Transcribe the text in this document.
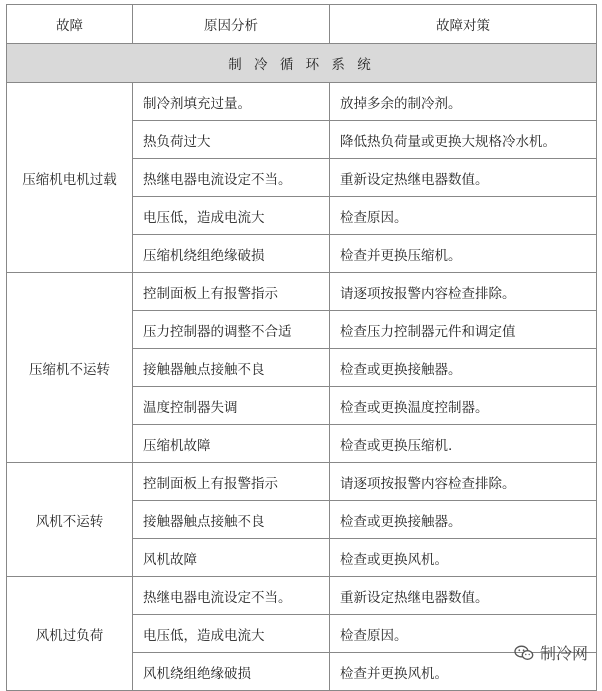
故障	原因分析	故障对策
制 冷 循 环 系 统		
压缩机电机过载	制冷剂填充过量。	放掉多余的制冷剂。
	热负荷过大	降低热负荷量或更换大规格冷水机。
	热继电器电流设定不当。	重新设定热继电器数值。
	电压低，造成电流大	检查原因。
	压缩机绕组绝缘破损	检查并更换压缩机。
压缩机不运转	控制面板上有报警指示	请逐项按报警内容检查排除。
	压力控制器的调整不合适	检查压力控制器元件和调定值
	接触器触点接触不良	检查或更换接触器。
	温度控制器失调	检查或更换温度控制器。
	压缩机故障	检查或更换压缩机.
风机不运转	控制面板上有报警指示	请逐项按报警内容检查排除。
	接触器触点接触不良	检查或更换接触器。
	风机故障	检查或更换风机。
风机过负荷	热继电器电流设定不当。	重新设定热继电器数值。
	电压低，造成电流大	检查原因。
	风机绕组绝缘破损	检查并更换风机。
制冷网
